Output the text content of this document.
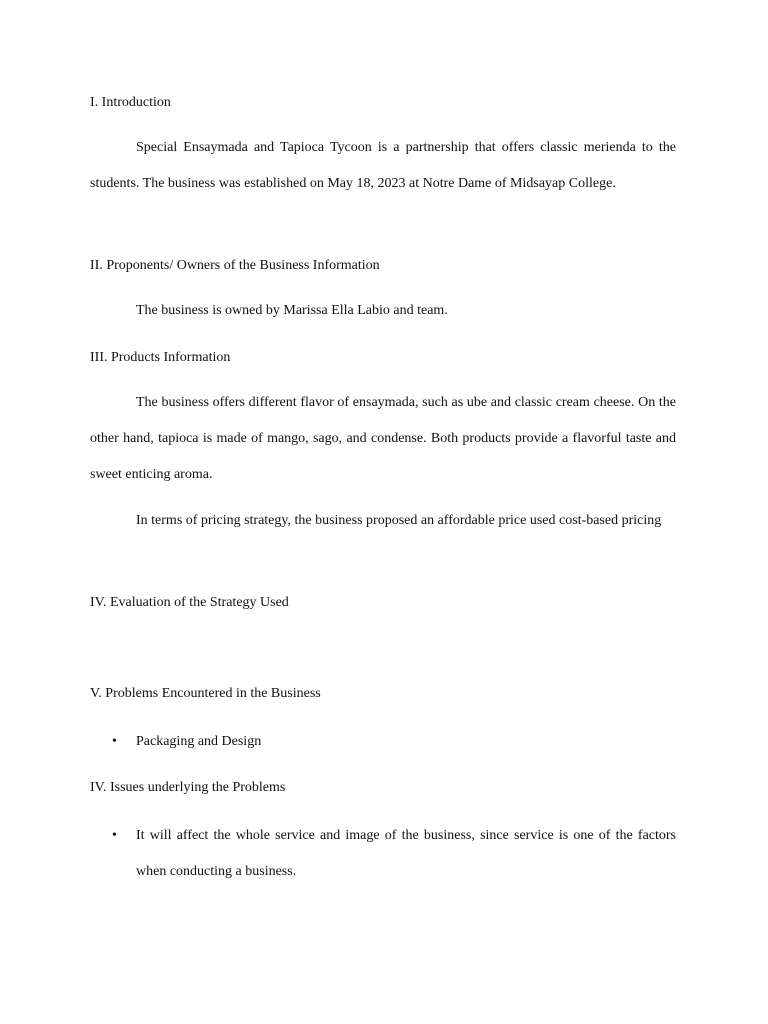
I. Introduction

Special Ensaymada and Tapioca Tycoon is a partnership that offers classic merienda to the students. The business was established on May 18, 2023 at Notre Dame of Midsayap College.

II. Proponents/ Owners of the Business Information

The business is owned by Marissa Ella Labio and team.

III. Products Information

The business offers different flavor of ensaymada, such as ube and classic cream cheese. On the other hand, tapioca is made of mango, sago, and condense. Both products provide a flavorful taste and sweet enticing aroma.

In terms of pricing strategy, the business proposed an affordable price used cost-based pricing

IV. Evaluation of the Strategy Used
V. Problems Encountered in the Business
•	Packaging and Design
IV. Issues underlying the Problems
•	It will affect the whole service and image of the business, since service is one of the factors when conducting a business.
